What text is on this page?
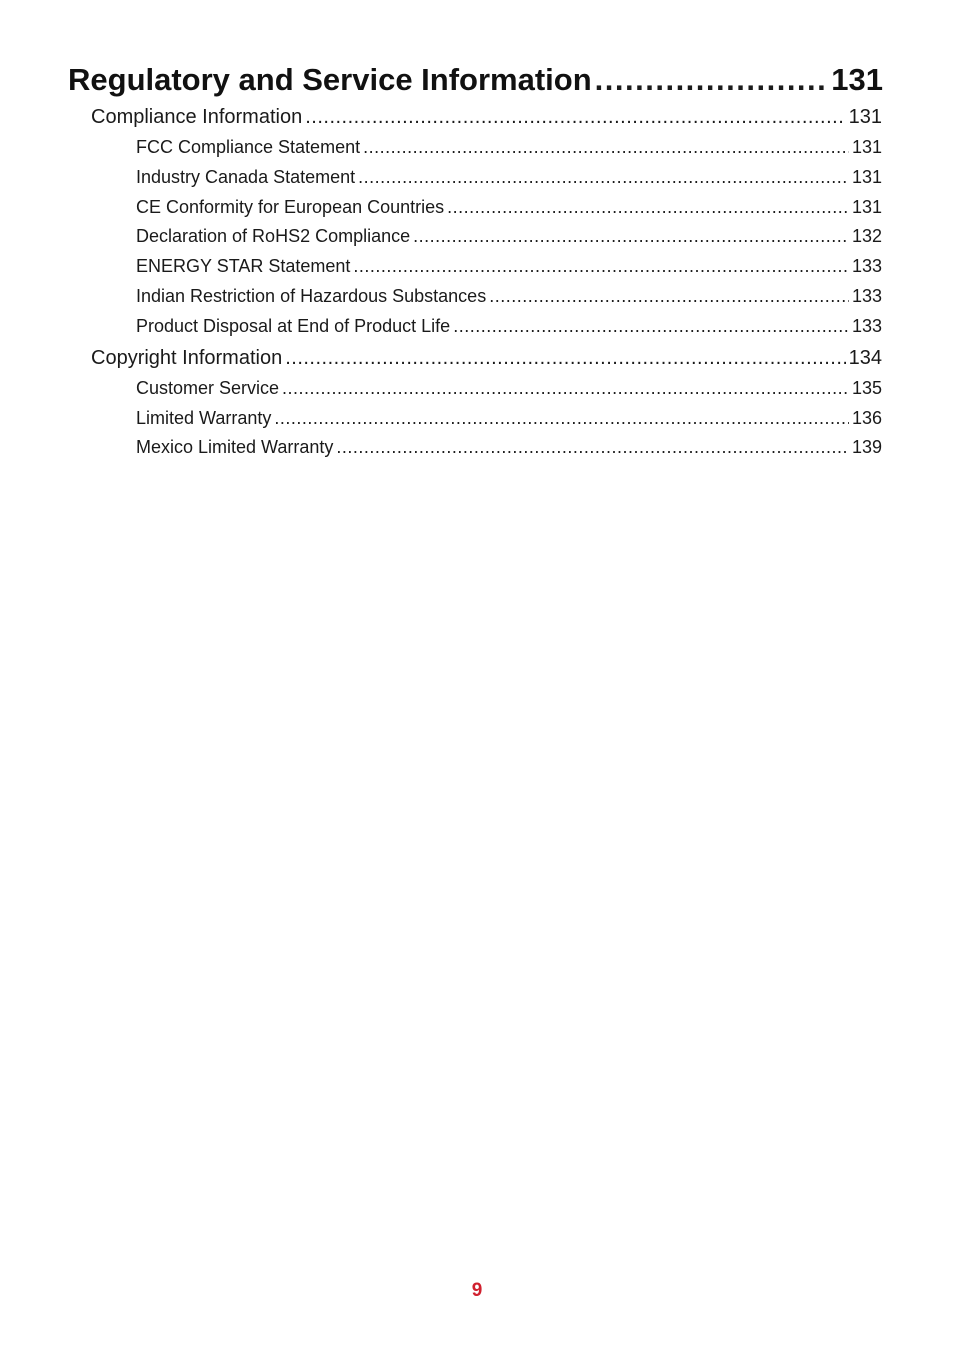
Regulatory and Service Information .....	131
Compliance Information .....	131
FCC Compliance Statement .....	131
Industry Canada Statement .....	131
CE Conformity for European Countries .....	131
Declaration of RoHS2 Compliance .....	132
ENERGY STAR Statement .....	133
Indian Restriction of Hazardous Substances .....	133
Product Disposal at End of Product Life .....	133
Copyright Information .....	134
Customer Service .....	135
Limited Warranty .....	136
Mexico Limited Warranty .....	139
9
